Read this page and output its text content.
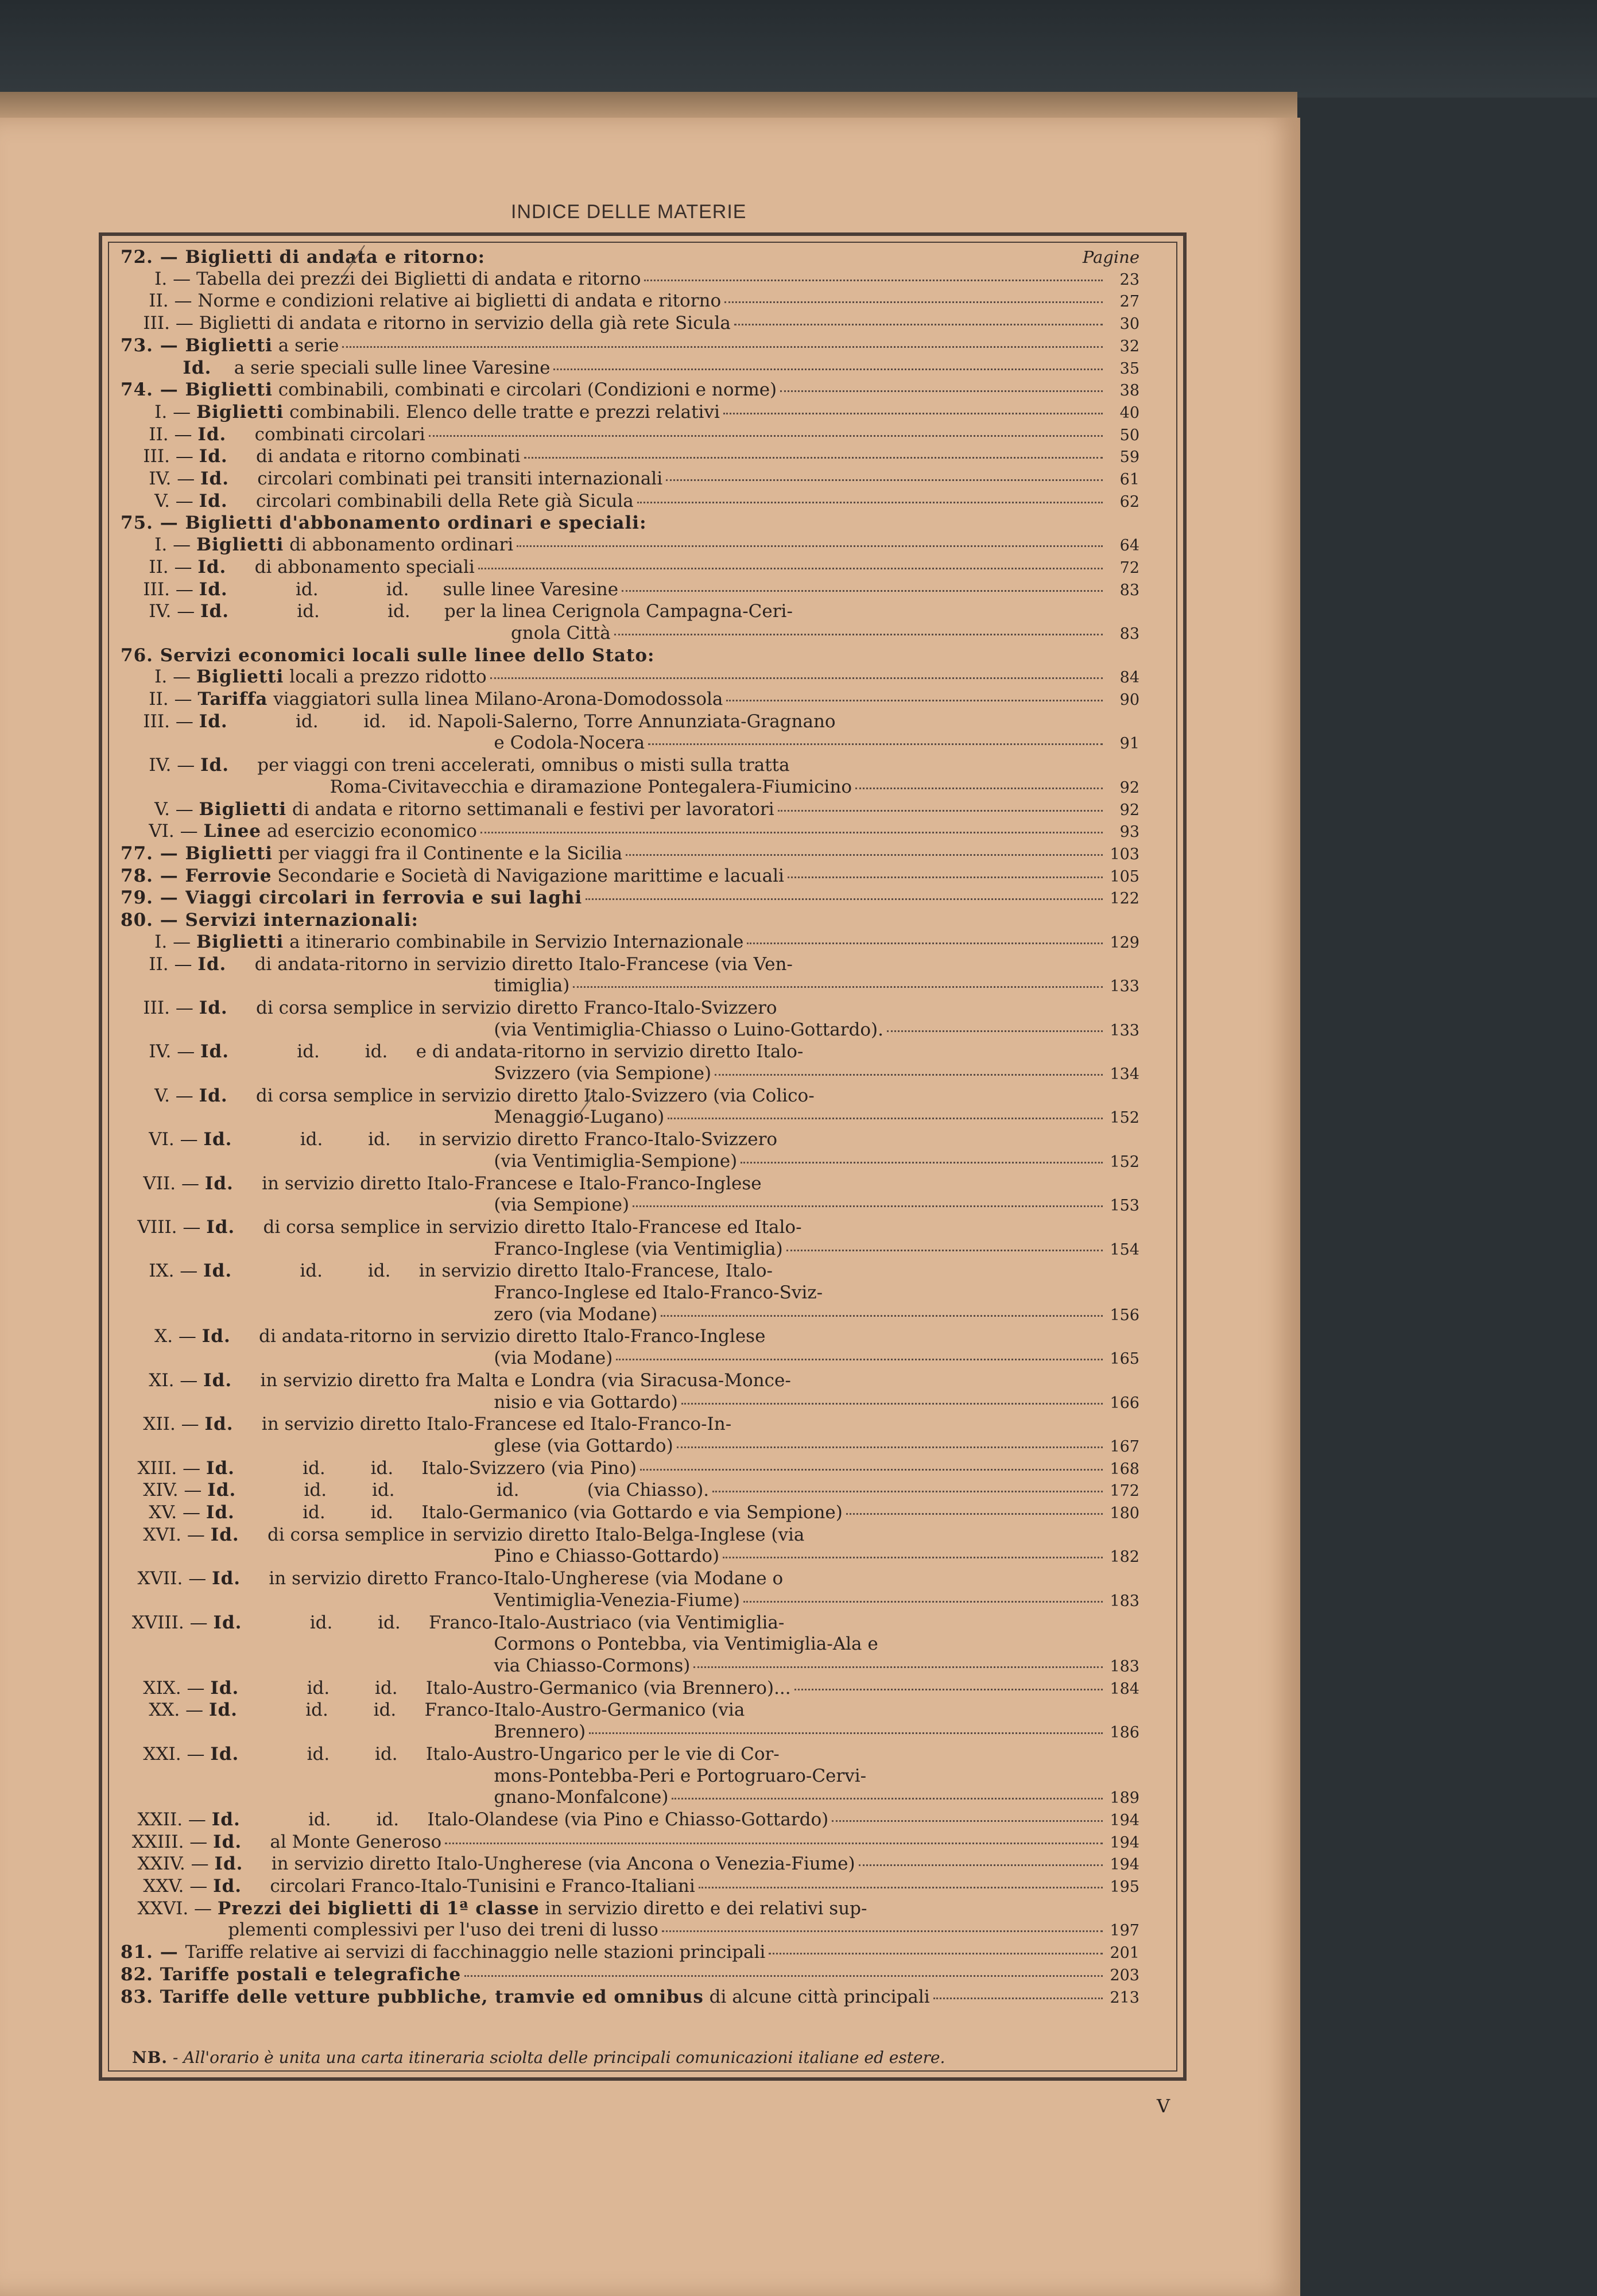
INDICE DELLE MATERIE
72. — Biglietti di andata e ritorno:	Pagine
I. — Tabella dei prezzi dei Biglietti di andata e ritorno	23
II. — Norme e condizioni relative ai biglietti di andata e ritorno	27
III. — Biglietti di andata e ritorno in servizio della già rete Sicula	30
73. — Biglietti a serie	32

Id. a serie speciali sulle linee Varesine	35
74. — Biglietti combinabili, combinati e circolari (Condizioni e norme)	38
I. — Biglietti combinabili. Elenco delle tratte e prezzi relativi	40
II. — Id. combinati circolari	50
III. — Id. di andata e ritorno combinati	59
IV. — Id. circolari combinati pei transiti internazionali	61
V. — Id. circolari combinabili della Rete già Sicula	62
75. — Biglietti d'abbonamento ordinari e speciali:
I. — Biglietti di abbonamento ordinari	64
II. — Id. di abbonamento speciali	72
III. — Id. id.            id.      sulle linee Varesine	83
IV. — Id. id.            id.      per la linea Cerignola Campagna-Ceri-

gnola Città	83
76. Servizi economici locali sulle linee dello Stato:
I. — Biglietti locali a prezzo ridotto	84
II. — Tariffa viaggiatori sulla linea Milano-Arona-Domodossola	90
III. — Id. id.        id.    id. Napoli-Salerno, Torre Annunziata-Gragnano

e Codola-Nocera	91
IV. — Id. per viaggi con treni accelerati, omnibus o misti sulla tratta

Roma-Civitavecchia e diramazione Pontegalera-Fiumicino	92
V. — Biglietti di andata e ritorno settimanali e festivi per lavoratori	92
VI. — Linee ad esercizio economico	93
77. — Biglietti per viaggi fra il Continente e la Sicilia	103
78. — Ferrovie Secondarie e Società di Navigazione marittime e lacuali	105
79. — Viaggi circolari in ferrovia e sui laghi	122
80. — Servizi internazionali:
I. — Biglietti a itinerario combinabile in Servizio Internazionale	129
II. — Id. di andata-ritorno in servizio diretto Italo-Francese (via Ven-

timiglia)	133
III. — Id. di corsa semplice in servizio diretto Franco-Italo-Svizzero

(via Ventimiglia-Chiasso o Luino-Gottardo).	133
IV. — Id. id.        id.     e di andata-ritorno in servizio diretto Italo-

Svizzero (via Sempione)	134
V. — Id. di corsa semplice in servizio diretto Italo-Svizzero (via Colico-

Menaggio-Lugano)	152
VI. — Id. id.        id.     in servizio diretto Franco-Italo-Svizzero

(via Ventimiglia-Sempione)	152
VII. — Id. in servizio diretto Italo-Francese e Italo-Franco-Inglese

(via Sempione)	153
VIII. — Id. di corsa semplice in servizio diretto Italo-Francese ed Italo-

Franco-Inglese (via Ventimiglia)	154
IX. — Id. id.        id.     in servizio diretto Italo-Francese, Italo-

Franco-Inglese ed Italo-Franco-Sviz-

zero (via Modane)	156
X. — Id. di andata-ritorno in servizio diretto Italo-Franco-Inglese

(via Modane)	165
XI. — Id. in servizio diretto fra Malta e Londra (via Siracusa-Monce-

nisio e via Gottardo)	166
XII. — Id. in servizio diretto Italo-Francese ed Italo-Franco-In-

glese (via Gottardo)	167
XIII. — Id. id.        id.     Italo-Svizzero (via Pino)	168
XIV. — Id. id.        id.                  id.            (via Chiasso).	172
XV. — Id. id.        id.     Italo-Germanico (via Gottardo e via Sempione)	180
XVI. — Id. di corsa semplice in servizio diretto Italo-Belga-Inglese (via

Pino e Chiasso-Gottardo)	182
XVII. — Id. in servizio diretto Franco-Italo-Ungherese (via Modane o

Ventimiglia-Venezia-Fiume)	183
XVIII. — Id. id.        id.     Franco-Italo-Austriaco (via Ventimiglia-

Cormons o Pontebba, via Ventimiglia-Ala e

via Chiasso-Cormons)	183
XIX. — Id. id.        id.     Italo-Austro-Germanico (via Brennero)...	184
XX. — Id. id.        id.     Franco-Italo-Austro-Germanico (via

Brennero)	186
XXI. — Id. id.        id.     Italo-Austro-Ungarico per le vie di Cor-

mons-Pontebba-Peri e Portogruaro-Cervi-

gnano-Monfalcone)	189
XXII. — Id. id.        id.     Italo-Olandese (via Pino e Chiasso-Gottardo)	194
XXIII. — Id. al Monte Generoso	194
XXIV. — Id. in servizio diretto Italo-Ungherese (via Ancona o Venezia-Fiume)	194
XXV. — Id. circolari Franco-Italo-Tunisini e Franco-Italiani	195
XXVI. — Prezzi dei biglietti di 1ª classe in servizio diretto e dei relativi sup-

plementi complessivi per l'uso dei treni di lusso	197
81. — Tariffe relative ai servizi di facchinaggio nelle stazioni principali	201
82. Tariffe postali e telegrafiche	203
83. Tariffe delle vetture pubbliche, tramvie ed omnibus di alcune città principali	213
NB. - All'orario è unita una carta itineraria sciolta delle principali comunicazioni italiane ed estere.
V
